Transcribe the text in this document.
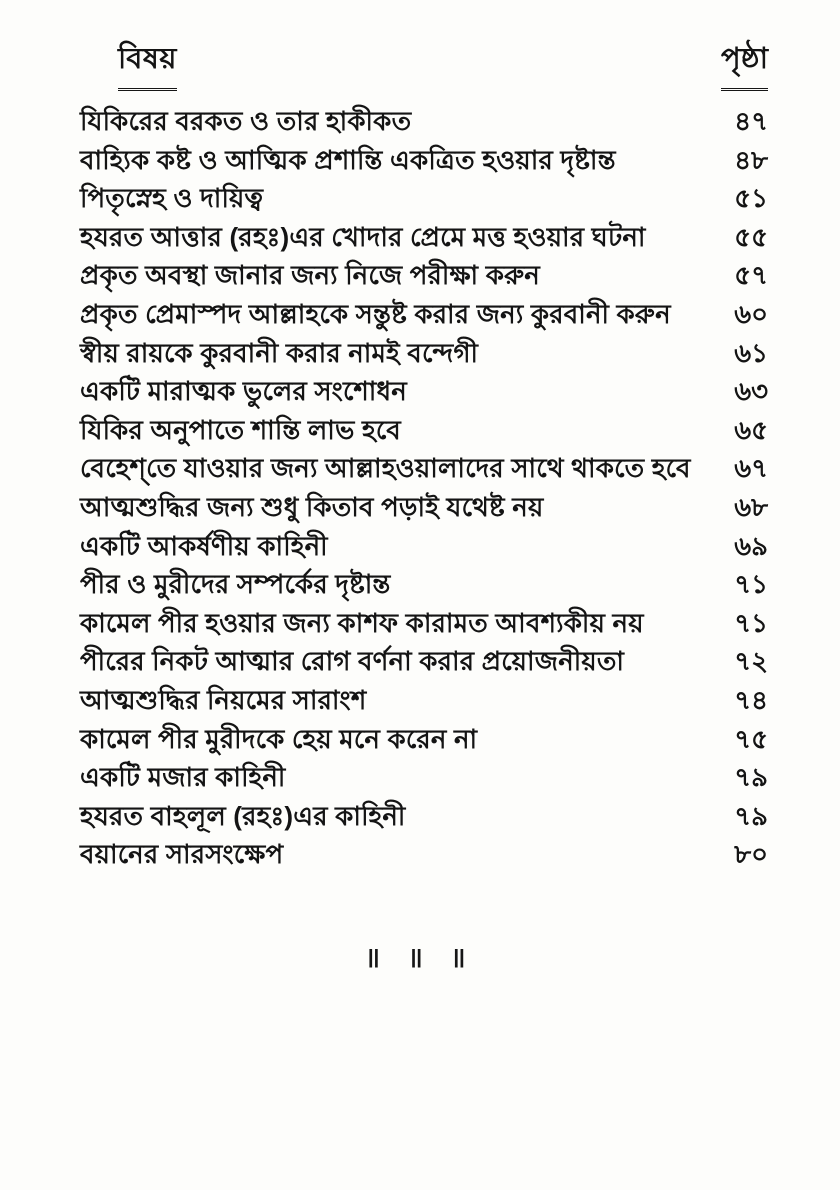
বিষয়	পৃষ্ঠা
যিকিরের বরকত ও তার হাকীকত	৪৭
বাহ্যিক কষ্ট ও আত্মিক প্রশান্তি একত্রিত হওয়ার দৃষ্টান্ত	৪৮
পিতৃস্নেহ ও দায়িত্ব	৫১
হযরত আত্তার (রহঃ)এর খোদার প্রেমে মত্ত হওয়ার ঘটনা	৫৫
প্রকৃত অবস্থা জানার জন্য নিজে পরীক্ষা করুন	৫৭
প্রকৃত প্রেমাস্পদ আল্লাহকে সন্তুষ্ট করার জন্য কুরবানী করুন	৬০
স্বীয় রায়কে কুরবানী করার নামই বন্দেগী	৬১
একটি মারাত্মক ভুলের সংশোধন	৬৩
যিকির অনুপাতে শান্তি লাভ হবে	৬৫
বেহেশ্‌তে যাওয়ার জন্য আল্লাহওয়ালাদের সাথে থাকতে হবে	৬৭
আত্মশুদ্ধির জন্য শুধু কিতাব পড়াই যথেষ্ট নয়	৬৮
একটি আকর্ষণীয় কাহিনী	৬৯
পীর ও মুরীদের সম্পর্কের দৃষ্টান্ত	৭১
কামেল পীর হওয়ার জন্য কাশফ কারামত আবশ্যকীয় নয়	৭১
পীরের নিকট আত্মার রোগ বর্ণনা করার প্রয়োজনীয়তা	৭২
আত্মশুদ্ধির নিয়মের সারাংশ	৭৪
কামেল পীর মুরীদকে হেয় মনে করেন না	৭৫
একটি মজার কাহিনী	৭৯
হযরত বাহলূল (রহঃ)এর কাহিনী	৭৯
বয়ানের সারসংক্ষেপ	৮০
॥ ॥ ॥
